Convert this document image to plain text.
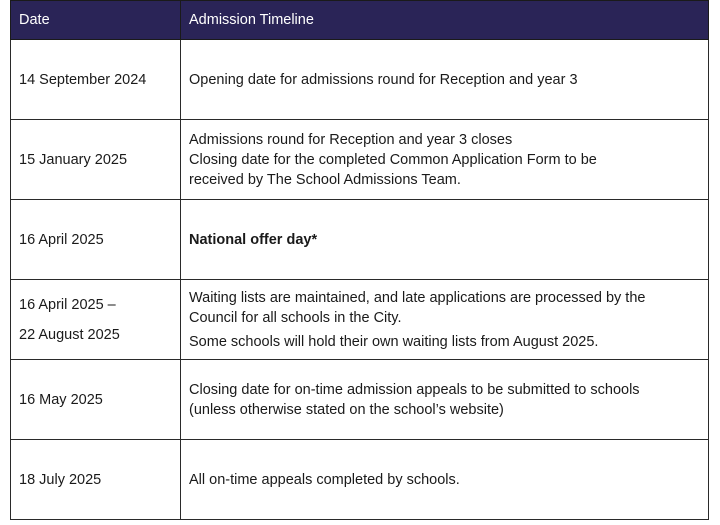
Date	Admission Timeline

14 September 2024	Opening date for admissions round for Reception and year 3

15 January 2025	Admissions round for Reception and year 3 closes
Closing date for the completed Common Application Form to be
received by The School Admissions Team.

16 April 2025	National offer day*

16 April 2025 –
22 August 2025	Waiting lists are maintained, and late applications are processed by the
Council for all schools in the City.
Some schools will hold their own waiting lists from August 2025.

16 May 2025	Closing date for on-time admission appeals to be submitted to schools
(unless otherwise stated on the school’s website)

18 July 2025	All on-time appeals completed by schools.
